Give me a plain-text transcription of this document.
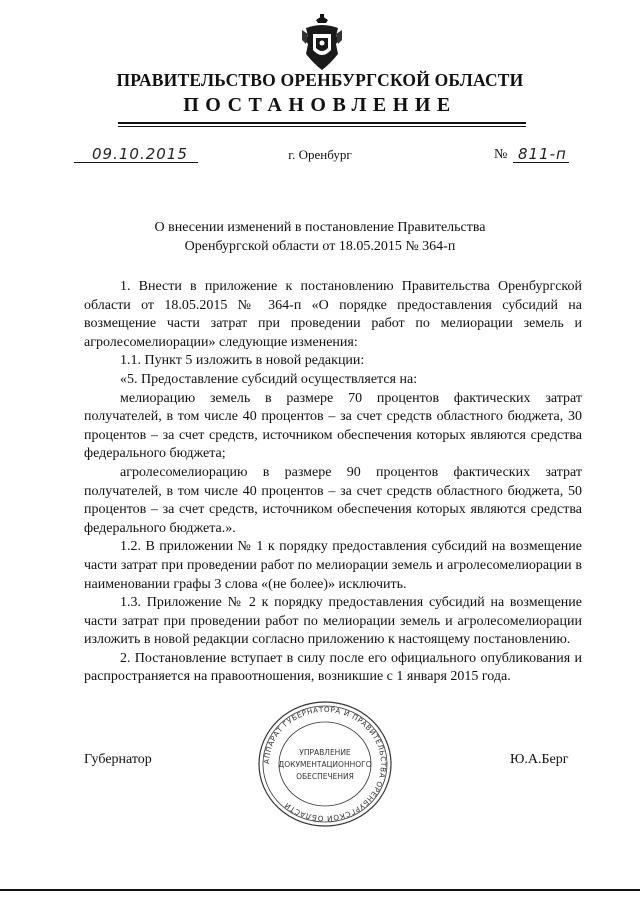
ПРАВИТЕЛЬСТВО ОРЕНБУРГСКОЙ ОБЛАСТИ
ПОСТАНОВЛЕНИЕ
09.10.2015	г. Оренбург	№ 811-п
О внесении изменений в постановление Правительства
Оренбургской области от 18.05.2015 № 364-п

1. Внести в приложение к постановлению Правительства Оренбургской области от 18.05.2015 № 364-п «О порядке предоставления субсидий на возмещение части затрат при проведении работ по мелиорации земель и агролесомелиорации» следующие изменения:

1.1. Пункт 5 изложить в новой редакции:

«5. Предоставление субсидий осуществляется на:

мелиорацию земель в размере 70 процентов фактических затрат получателей, в том числе 40 процентов – за счет средств областного бюджета, 30 процентов – за счет средств, источником обеспечения которых являются средства федерального бюджета;

агролесомелиорацию в размере 90 процентов фактических затрат получателей, в том числе 40 процентов – за счет средств областного бюджета, 50 процентов – за счет средств, источником обеспечения которых являются средства федерального бюджета.».

1.2. В приложении № 1 к порядку предоставления субсидий на возмещение части затрат при проведении работ по мелиорации земель и агролесомелиорации в наименовании графы 3 слова «(не более)» исключить.

1.3. Приложение № 2 к порядку предоставления субсидий на возмещение части затрат при проведении работ по мелиорации земель и агролесомелиорации изложить в новой редакции согласно приложению к настоящему постановлению.

2. Постановление вступает в силу после его официального опубликования и распространяется на правоотношения, возникшие с 1 января 2015 года.

Губернатор	Ю.А.Берг
АППАРАТ ГУБЕРНАТОРА И ПРАВИТЕЛЬСТВА ОРЕНБУРГСКОЙ ОБЛАСТИ
УПРАВЛЕНИЕ
ДОКУМЕНТАЦИОННОГО
ОБЕСПЕЧЕНИЯ
